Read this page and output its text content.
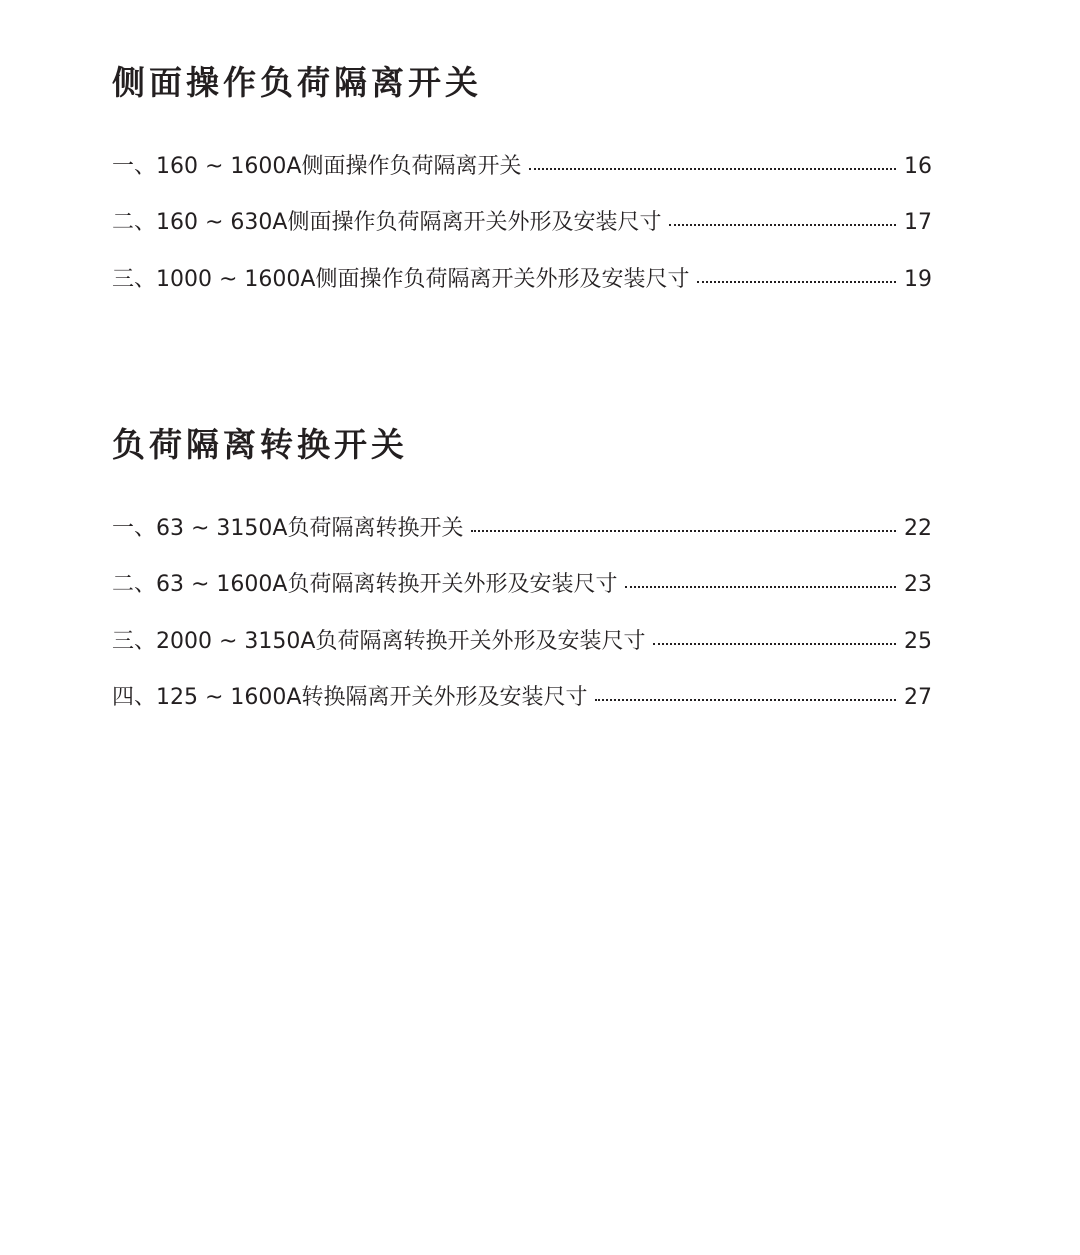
侧面操作负荷隔离开关
一、160 ~ 1600A侧面操作负荷隔离开关	16
二、160 ~ 630A侧面操作负荷隔离开关外形及安装尺寸	17
三、1000 ~ 1600A侧面操作负荷隔离开关外形及安装尺寸	19
负荷隔离转换开关
一、63 ~ 3150A负荷隔离转换开关	22
二、63 ~ 1600A负荷隔离转换开关外形及安装尺寸	23
三、2000 ~ 3150A负荷隔离转换开关外形及安装尺寸	25
四、125 ~ 1600A转换隔离开关外形及安装尺寸	27
